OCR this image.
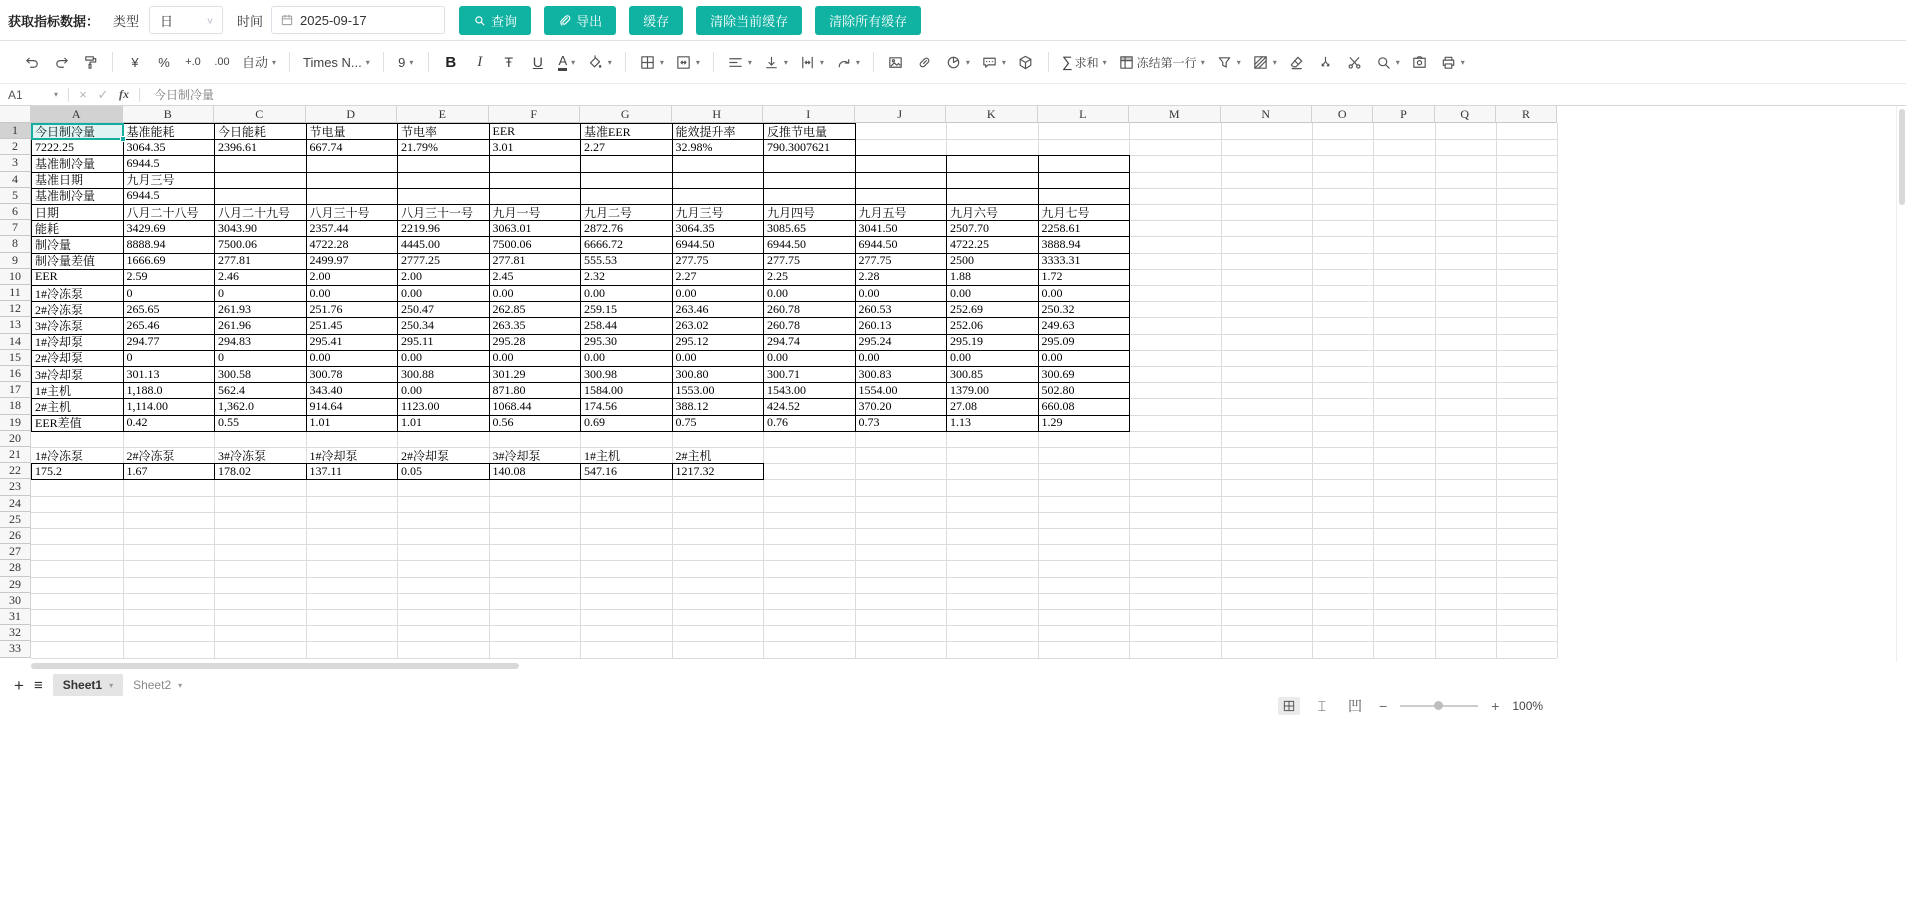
获取指标数据： 类型 日	∨ 时间	2025-09-17	查询	导出	缓存	清除当前缓存	清除所有缓存
¥ % +.0 .00 自动 ▾ Times N... ▾ 9 ▾ B I Ŧ U A ▾	▾	▾	▾	▾	▾	▾	▾	▾	▾	∑ 求和 ▾	冻结第一行 ▾	▾	▾	▾	▾
A1	▾	× ✓ fx	今日制冷量
A	B	C	D	E	F	G	H	I	J	K	L	M	N	O	P	Q	R
1
2
3
4
5
6
7
8
9
10
11
12
13
14
15
16
17
18
19
20
21
22
23
24
25
26
27
28
29
30
31
32
33
今日制冷量	基准能耗	今日能耗	节电量	节电率	EER	基准EER	能效提升率	反推节电量
7222.25	3064.35	2396.61	667.74	21.79%	3.01	2.27	32.98%	790.3007621
基准制冷量	6944.5
基准日期	九月三号
基准制冷量	6944.5
日期	八月二十八号	八月二十九号	八月三十号	八月三十一号	九月一号	九月二号	九月三号	九月四号	九月五号	九月六号	九月七号
能耗	3429.69	3043.90	2357.44	2219.96	3063.01	2872.76	3064.35	3085.65	3041.50	2507.70	2258.61
制冷量	8888.94	7500.06	4722.28	4445.00	7500.06	6666.72	6944.50	6944.50	6944.50	4722.25	3888.94
制冷量差值	1666.69	277.81	2499.97	2777.25	277.81	555.53	277.75	277.75	277.75	2500	3333.31
EER	2.59	2.46	2.00	2.00	2.45	2.32	2.27	2.25	2.28	1.88	1.72
1#冷冻泵	0	0	0.00	0.00	0.00	0.00	0.00	0.00	0.00	0.00	0.00
2#冷冻泵	265.65	261.93	251.76	250.47	262.85	259.15	263.46	260.78	260.53	252.69	250.32
3#冷冻泵	265.46	261.96	251.45	250.34	263.35	258.44	263.02	260.78	260.13	252.06	249.63
1#冷却泵	294.77	294.83	295.41	295.11	295.28	295.30	295.12	294.74	295.24	295.19	295.09
2#冷却泵	0	0	0.00	0.00	0.00	0.00	0.00	0.00	0.00	0.00	0.00
3#冷却泵	301.13	300.58	300.78	300.88	301.29	300.98	300.80	300.71	300.83	300.85	300.69
1#主机	1,188.0	562.4	343.40	0.00	871.80	1584.00	1553.00	1543.00	1554.00	1379.00	502.80
2#主机	1,114.00	1,362.0	914.64	1123.00	1068.44	174.56	388.12	424.52	370.20	27.08	660.08
EER差值	0.42	0.55	1.01	1.01	0.56	0.69	0.75	0.76	0.73	1.13	1.29
1#冷冻泵	2#冷冻泵	3#冷冻泵	1#冷却泵	2#冷却泵	3#冷却泵	1#主机	2#主机
175.2	1.67	178.02	137.11	0.05	140.08	547.16	1217.32
+ ≡ Sheet1 ▾ Sheet2 ▾
⌶	凹 −	+ 100%
